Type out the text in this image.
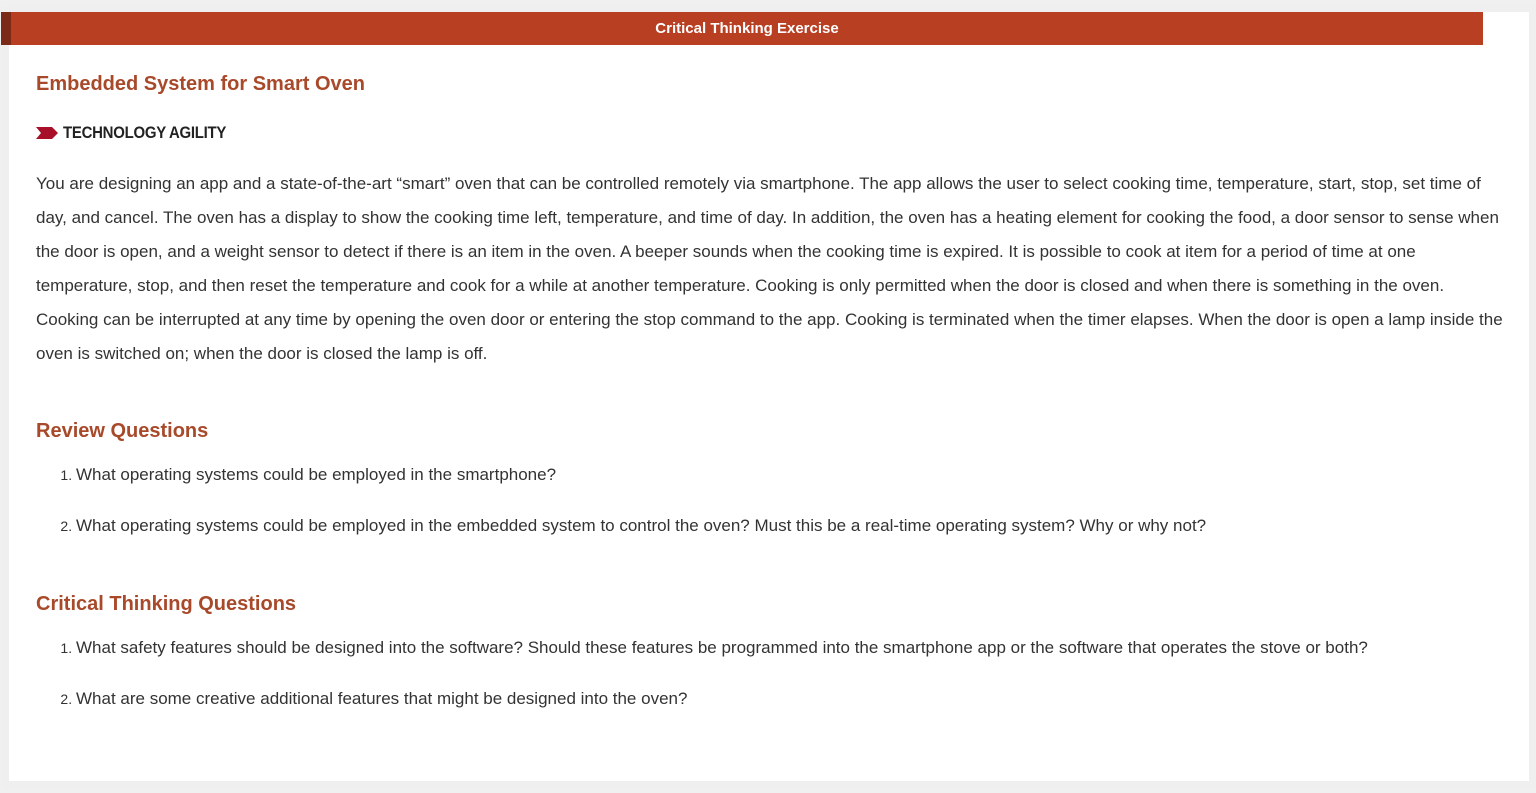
Critical Thinking Exercise
Embedded System for Smart Oven
TECHNOLOGY AGILITY

You are designing an app and a state-of-the-art “smart” oven that can be controlled remotely via smartphone. The app allows the user to select cooking time, temperature, start, stop, set time of day, and cancel. The oven has a display to show the cooking time left, temperature, and time of day. In addition, the oven has a heating element for cooking the food, a door sensor to sense when the door is open, and a weight sensor to detect if there is an item in the oven. A beeper sounds when the cooking time is expired. It is possible to cook at item for a period of time at one temperature, stop, and then reset the temperature and cook for a while at another temperature. Cooking is only permitted when the door is closed and when there is something in the oven. Cooking can be interrupted at any time by opening the oven door or entering the stop command to the app. Cooking is terminated when the timer elapses. When the door is open a lamp inside the oven is switched on; when the door is closed the lamp is off.

Review Questions
1. What operating systems could be employed in the smartphone?
2. What operating systems could be employed in the embedded system to control the oven? Must this be a real-time operating system? Why or why not?
Critical Thinking Questions
1. What safety features should be designed into the software? Should these features be programmed into the smartphone app or the software that operates the stove or both?
2. What are some creative additional features that might be designed into the oven?
